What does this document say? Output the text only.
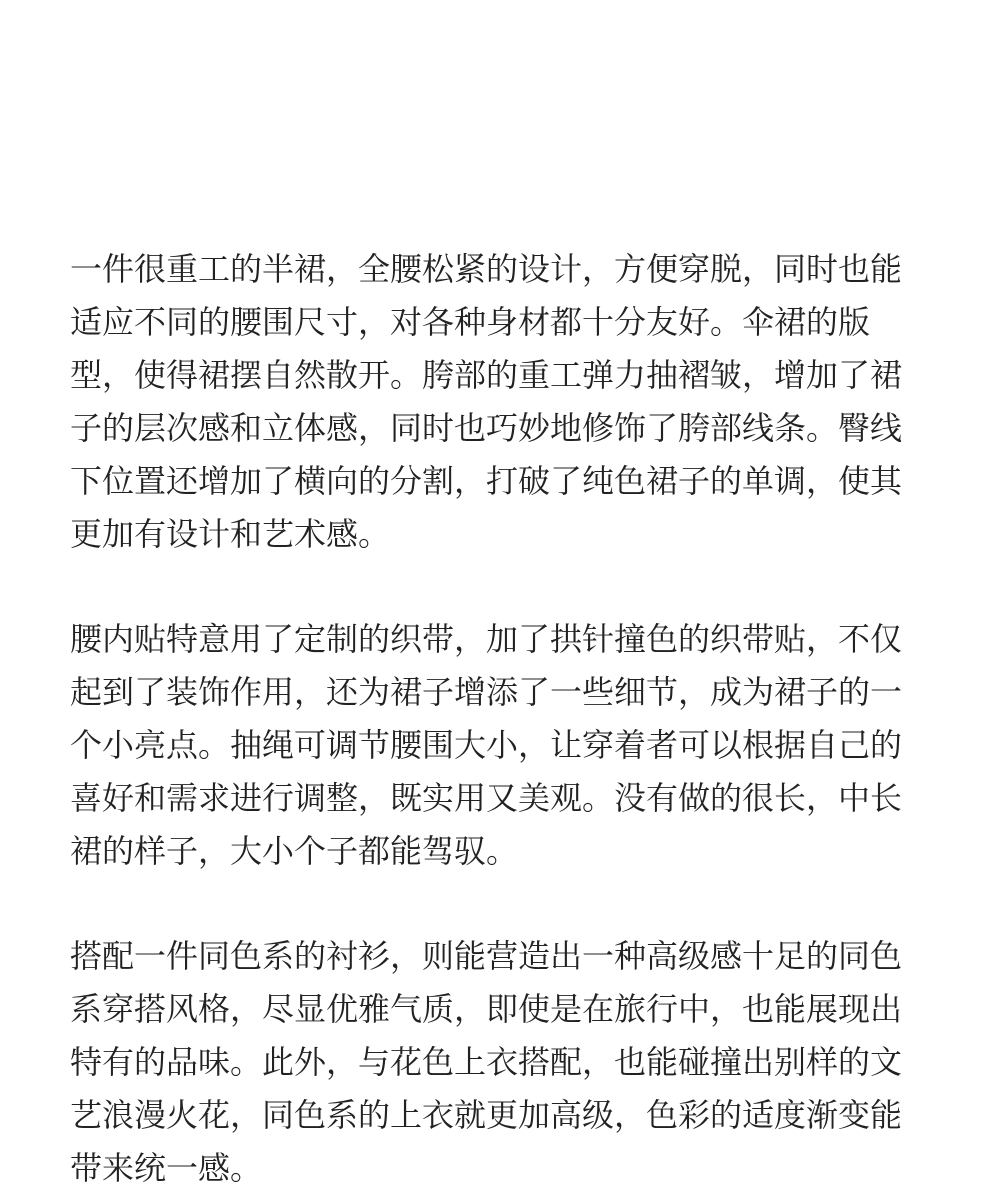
一件很重工的半裙，全腰松紧的设计，方便穿脱，同时也能适应不同的腰围尺寸，对各种身材都十分友好。伞裙的版型，使得裙摆自然散开。胯部的重工弹力抽褶皱，增加了裙子的层次感和立体感，同时也巧妙地修饰了胯部线条。臀线下位置还增加了横向的分割，打破了纯色裙子的单调，使其更加有设计和艺术感。

腰内贴特意用了定制的织带，加了拱针撞色的织带贴，不仅起到了装饰作用，还为裙子增添了一些细节，成为裙子的一个小亮点。抽绳可调节腰围大小，让穿着者可以根据自己的喜好和需求进行调整，既实用又美观。没有做的很长，中长裙的样子，大小个子都能驾驭。

搭配一件同色系的衬衫，则能营造出一种高级感十足的同色系穿搭风格，尽显优雅气质，即使是在旅行中，也能展现出特有的品味。此外，与花色上衣搭配，也能碰撞出别样的文艺浪漫火花，同色系的上衣就更加高级，色彩的适度渐变能带来统一感。
